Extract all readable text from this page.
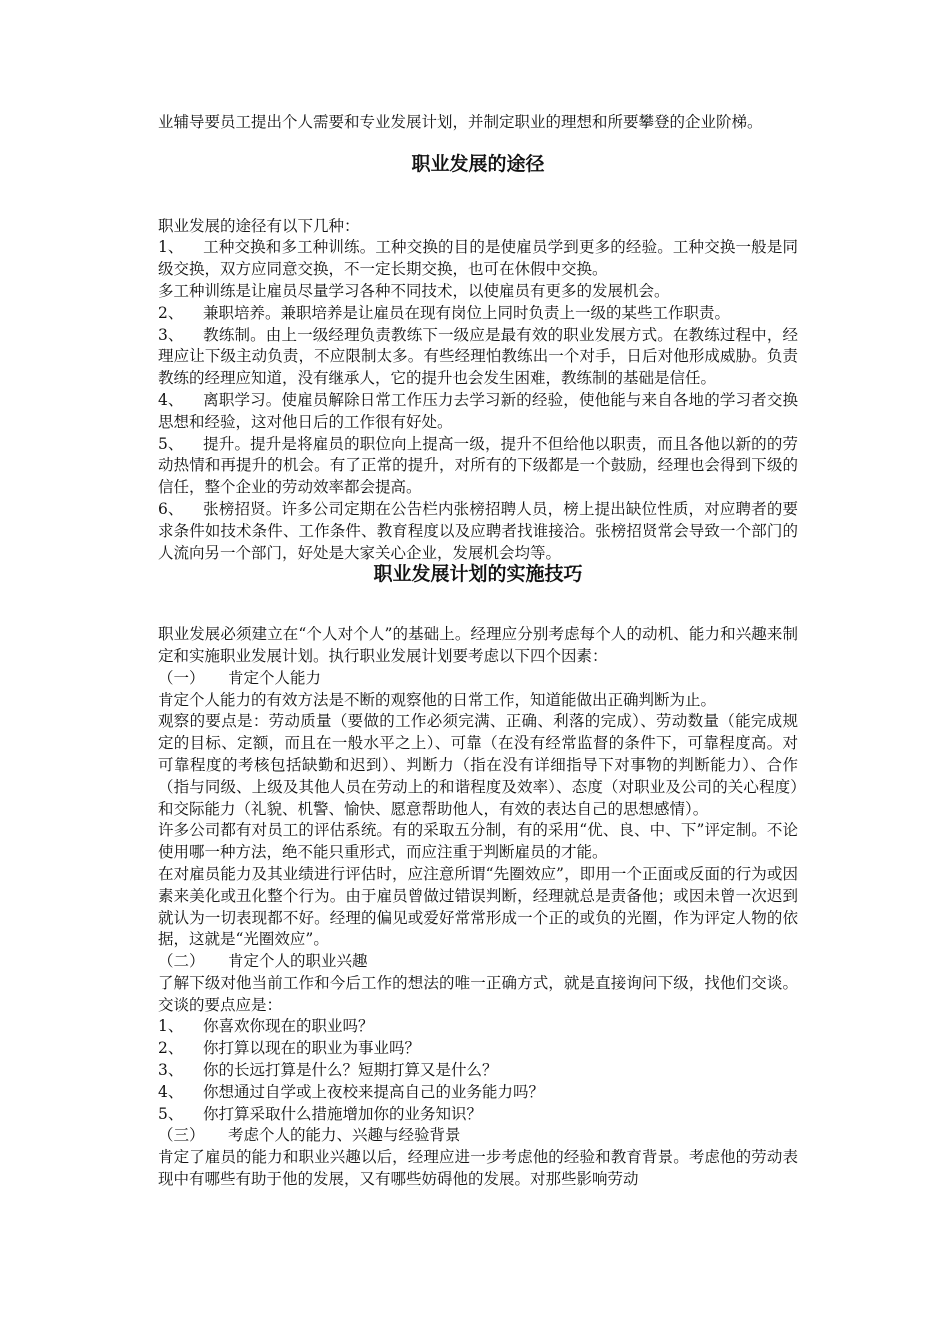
业辅导要员工提出个人需要和专业发展计划，并制定职业的理想和所要攀登的企业阶梯。

职业发展的途径

职业发展的途径有以下几种：

1、 工种交换和多工种训练。工种交换的目的是使雇员学到更多的经验。工种交换一般是同级交换，双方应同意交换，不一定长期交换，也可在休假中交换。

多工种训练是让雇员尽量学习各种不同技术，以使雇员有更多的发展机会。

2、 兼职培养。兼职培养是让雇员在现有岗位上同时负责上一级的某些工作职责。

3、 教练制。由上一级经理负责教练下一级应是最有效的职业发展方式。在教练过程中，经理应让下级主动负责，不应限制太多。有些经理怕教练出一个对手，日后对他形成威胁。负责教练的经理应知道，没有继承人，它的提升也会发生困难，教练制的基础是信任。

4、 离职学习。使雇员解除日常工作压力去学习新的经验，使他能与来自各地的学习者交换思想和经验，这对他日后的工作很有好处。

5、 提升。提升是将雇员的职位向上提高一级，提升不但给他以职责，而且各他以新的的劳动热情和再提升的机会。有了正常的提升，对所有的下级都是一个鼓励，经理也会得到下级的信任，整个企业的劳动效率都会提高。

6、 张榜招贤。许多公司定期在公告栏内张榜招聘人员，榜上提出缺位性质，对应聘者的要求条件如技术条件、工作条件、教育程度以及应聘者找谁接洽。张榜招贤常会导致一个部门的人流向另一个部门，好处是大家关心企业，发展机会均等。

职业发展计划的实施技巧

职业发展必须建立在“个人对个人”的基础上。经理应分别考虑每个人的动机、能力和兴趣来制定和实施职业发展计划。执行职业发展计划要考虑以下四个因素：

（一） 肯定个人能力

肯定个人能力的有效方法是不断的观察他的日常工作，知道能做出正确判断为止。

观察的要点是：劳动质量（要做的工作必须完满、正确、利落的完成）、劳动数量（能完成规定的目标、定额，而且在一般水平之上）、可靠（在没有经常监督的条件下，可靠程度高。对可靠程度的考核包括缺勤和迟到）、判断力（指在没有详细指导下对事物的判断能力）、合作（指与同级、上级及其他人员在劳动上的和谐程度及效率）、态度（对职业及公司的关心程度）和交际能力（礼貌、机警、愉快、愿意帮助他人，有效的表达自己的思想感情）。

许多公司都有对员工的评估系统。有的采取五分制，有的采用“优、良、中、下”评定制。不论使用哪一种方法，绝不能只重形式，而应注重于判断雇员的才能。

在对雇员能力及其业绩进行评估时，应注意所谓“先圈效应”，即用一个正面或反面的行为或因素来美化或丑化整个行为。由于雇员曾做过错误判断，经理就总是责备他；或因未曾一次迟到就认为一切表现都不好。经理的偏见或爱好常常形成一个正的或负的光圈，作为评定人物的依据，这就是“光圈效应”。

（二） 肯定个人的职业兴趣

了解下级对他当前工作和今后工作的想法的唯一正确方式，就是直接询问下级，找他们交谈。交谈的要点应是：

1、 你喜欢你现在的职业吗？

2、 你打算以现在的职业为事业吗？

3、 你的长远打算是什么？短期打算又是什么？

4、 你想通过自学或上夜校来提高自己的业务能力吗？

5、 你打算采取什么措施增加你的业务知识？

（三） 考虑个人的能力、兴趣与经验背景

肯定了雇员的能力和职业兴趣以后，经理应进一步考虑他的经验和教育背景。考虑他的劳动表现中有哪些有助于他的发展，又有哪些妨碍他的发展。对那些影响劳动
